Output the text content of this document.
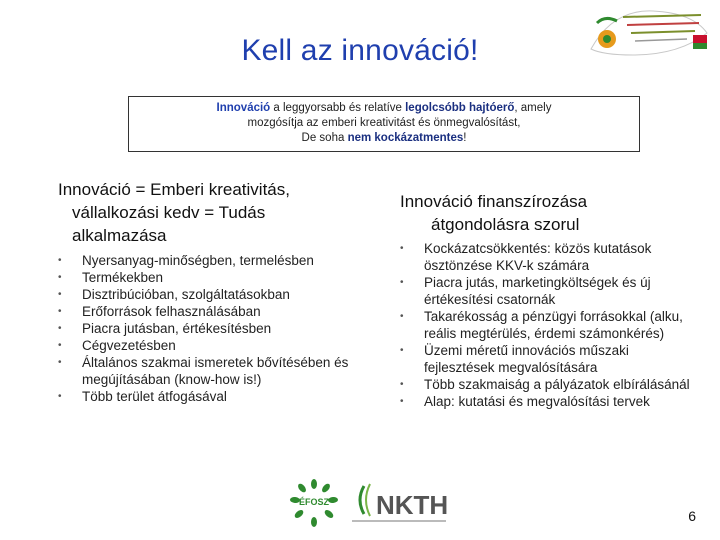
Kell az innováció!
Innováció a leggyorsabb és relatíve legolcsóbb hajtóerő, amely
mozgósítja az emberi kreativitást és önmegvalósítást,
De soha nem kockázatmentes!
Innováció = Emberi kreativitás,
vállalkozási kedv = Tudás
alkalmazása
• Nyersanyag-minőségben, termelésben
• Termékekben
• Disztribúcióban, szolgáltatásokban
• Erőforrások felhasználásában
• Piacra jutásban, értékesítésben
• Cégvezetésben
• Általános szakmai ismeretek bővítésében és megújításában (know-how is!)
• Több terület átfogásával
Innováció finanszírozása
átgondolásra szorul
• Kockázatcsökkentés: közös kutatások ösztönzése KKV-k számára
• Piacra jutás, marketingköltségek és új értékesítési csatornák
• Takarékosság a pénzügyi forrásokkal (alku, reális megtérülés, érdemi számonkérés)
• Üzemi méretű innovációs műszaki fejlesztések megvalósítására
• Több szakmaiság a pályázatok elbírálásánál
• Alap: kutatási és megvalósítási tervek
ÉFOSZ NKTH	6
